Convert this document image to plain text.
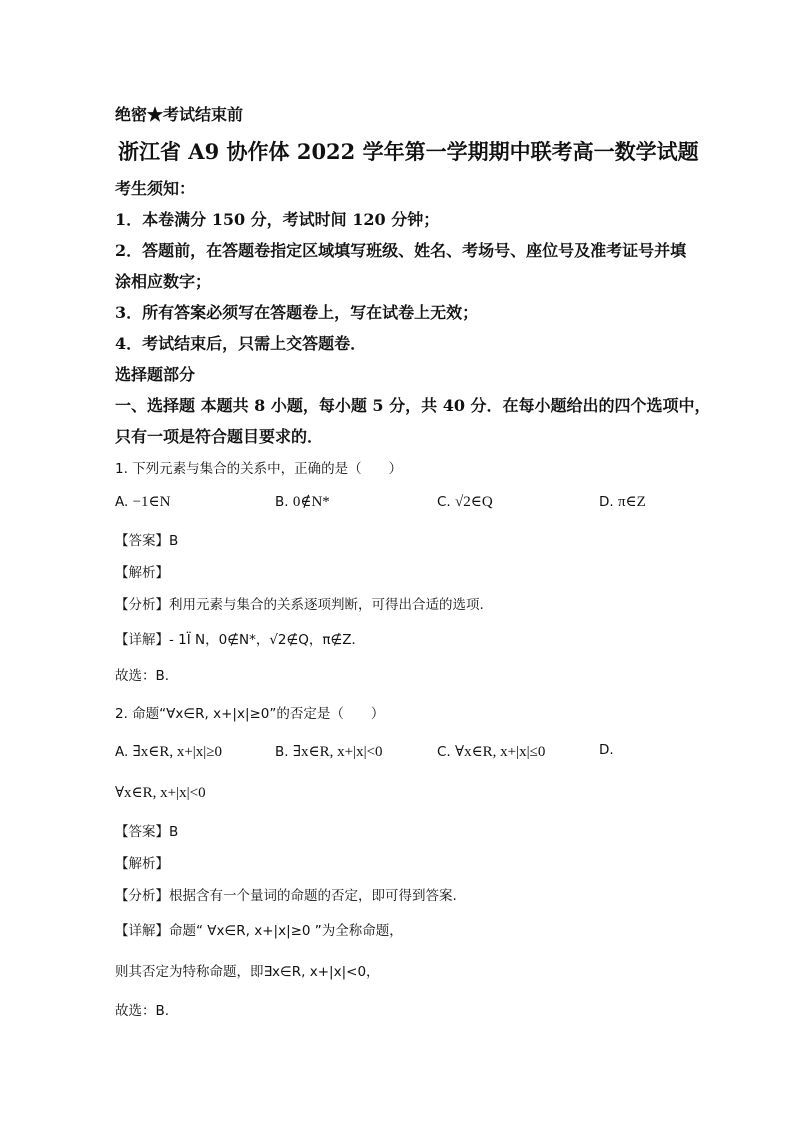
绝密★考试结束前
浙江省 A9 协作体 2022 学年第一学期期中联考高一数学试题
考生须知：
1．本卷满分 150 分，考试时间 120 分钟；
2．答题前，在答题卷指定区域填写班级、姓名、考场号、座位号及准考证号并填
涂相应数字；
3．所有答案必须写在答题卷上，写在试卷上无效；
4．考试结束后，只需上交答题卷．
选择题部分
一、选择题 本题共 8 小题，每小题 5 分，共 40 分．在每小题给出的四个选项中，
只有一项是符合题目要求的．
1. 下列元素与集合的关系中，正确的是（　　）
A. −1∈N	B. 0∉N*	C. √2∈Q	D. π∈Z
【答案】B
【解析】
【分析】利用元素与集合的关系逐项判断，可得出合适的选项.
【详解】- 1Ï N，0∉N*，√2∉Q，π∉Z．
故选：B.
2. 命题“∀x∈R, x+|x|≥0”的否定是（　　）
A. ∃x∈R, x+|x|≥0	B. ∃x∈R, x+|x|<0	C. ∀x∈R, x+|x|≤0	D.
∀x∈R, x+|x|<0
【答案】B
【解析】
【分析】根据含有一个量词的命题的否定，即可得到答案.
【详解】命题“ ∀x∈R, x+|x|≥0 ”为全称命题，
则其否定为特称命题，即∃x∈R, x+|x|<0，
故选：B.
